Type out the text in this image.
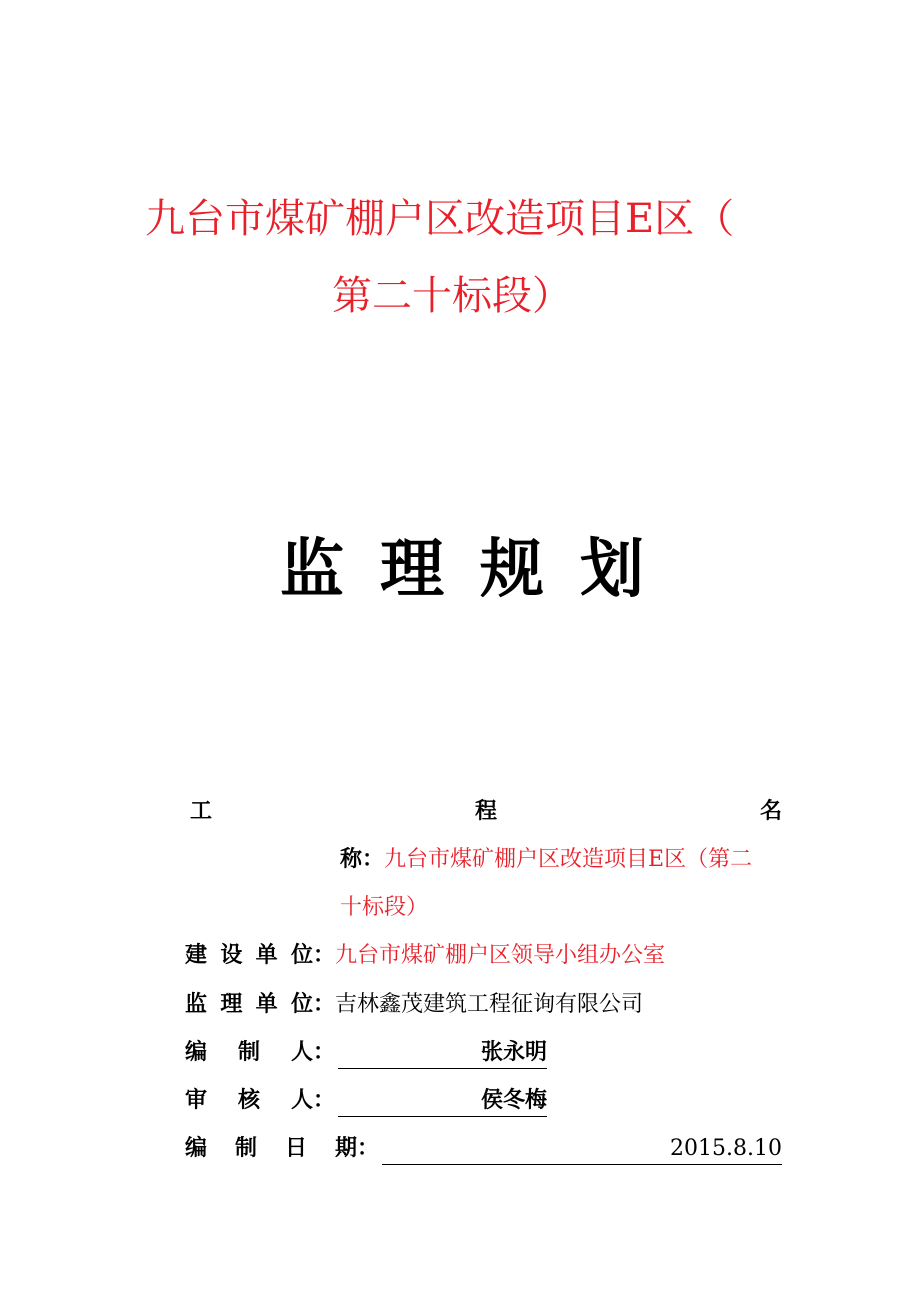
九台市煤矿棚户区改造项目E区（
第二十标段）
监理规划
工	程	名
称：九台市煤矿棚户区改造项目E区（第二
十标段）
建 设 单 位 ：九台市煤矿棚户区领导小组办公室
监 理 单 位 ：吉林鑫茂建筑工程征询有限公司
编 制 人 ：	张永明
审 核 人 ：	侯冬梅
编 制 日 期 ：	2015.8.10
